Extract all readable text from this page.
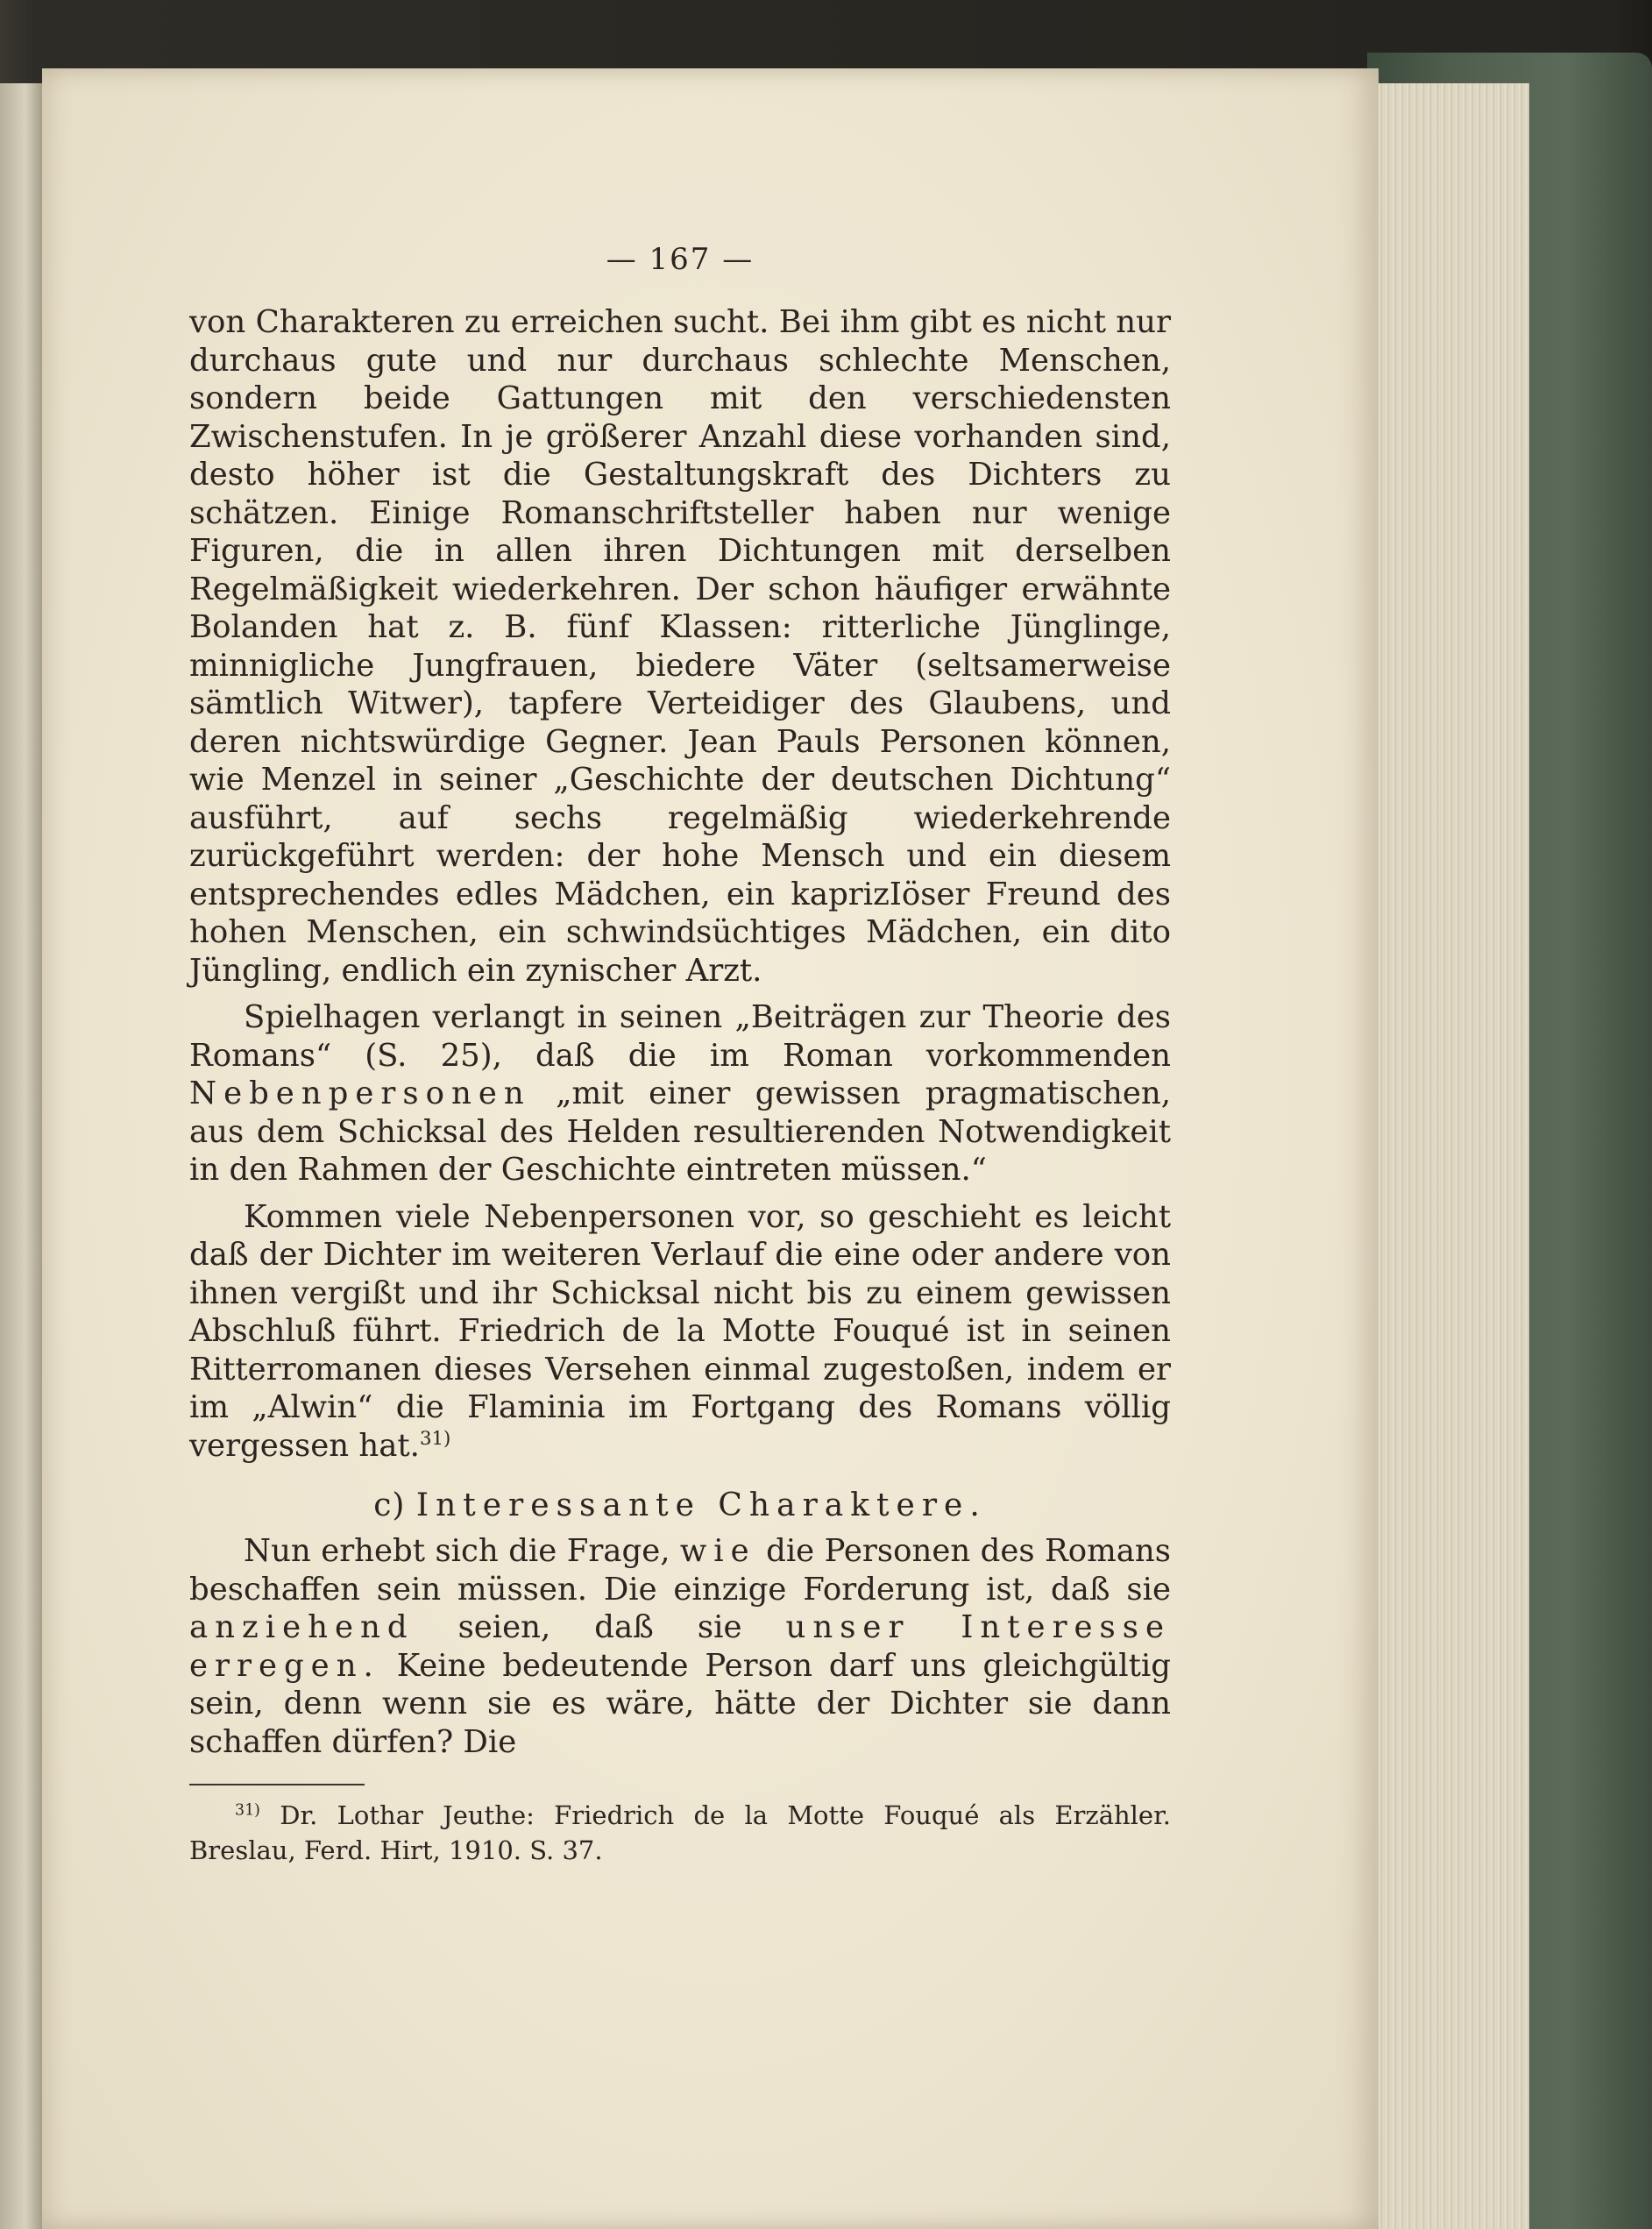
— 167 —

von Charakteren zu erreichen sucht. Bei ihm gibt es nicht nur durchaus gute und nur durchaus schlechte Menschen, sondern beide Gattungen mit den verschiedensten Zwischenstufen. In je größerer Anzahl diese vorhanden sind, desto höher ist die Gestaltungskraft des Dichters zu schätzen. Einige Romanschriftsteller haben nur wenige Figuren, die in allen ihren Dichtungen mit derselben Regelmäßigkeit wiederkehren. Der schon häufiger erwähnte Bolanden hat z. B. fünf Klassen: ritterliche Jünglinge, minnigliche Jungfrauen, biedere Väter (seltsamerweise sämtlich Witwer), tapfere Verteidiger des Glaubens, und deren nichtswürdige Gegner. Jean Pauls Personen können, wie Menzel in seiner „Geschichte der deutschen Dichtung“ ausführt, auf sechs regelmäßig wiederkehrende zurückgeführt werden: der hohe Mensch und ein diesem entsprechendes edles Mädchen, ein kaprizIöser Freund des hohen Menschen, ein schwindsüchtiges Mädchen, ein dito Jüngling, endlich ein zynischer Arzt.

Spielhagen verlangt in seinen „Beiträgen zur Theorie des Romans“ (S. 25), daß die im Roman vorkommenden Nebenpersonen „mit einer gewissen pragmatischen, aus dem Schicksal des Helden resultierenden Notwendigkeit in den Rahmen der Geschichte eintreten müssen.“

Kommen viele Nebenpersonen vor, so geschieht es leicht daß der Dichter im weiteren Verlauf die eine oder andere von ihnen vergißt und ihr Schicksal nicht bis zu einem gewissen Abschluß führt. Friedrich de la Motte Fouqué ist in seinen Ritterromanen dieses Versehen einmal zugestoßen, indem er im „Alwin“ die Flaminia im Fortgang des Romans völlig vergessen hat.$^{31)}$

c) Interessante Charaktere.

Nun erhebt sich die Frage, wie die Personen des Romans beschaffen sein müssen. Die einzige Forderung ist, daß sie anziehend seien, daß sie unser Interesse erregen. Keine bedeutende Person darf uns gleichgültig sein, denn wenn sie es wäre, hätte der Dichter sie dann schaffen dürfen? Die

$^{31)}$ Dr. Lothar Jeuthe: Friedrich de la Motte Fouqué als Erzähler. Breslau, Ferd. Hirt, 1910. S. 37.
